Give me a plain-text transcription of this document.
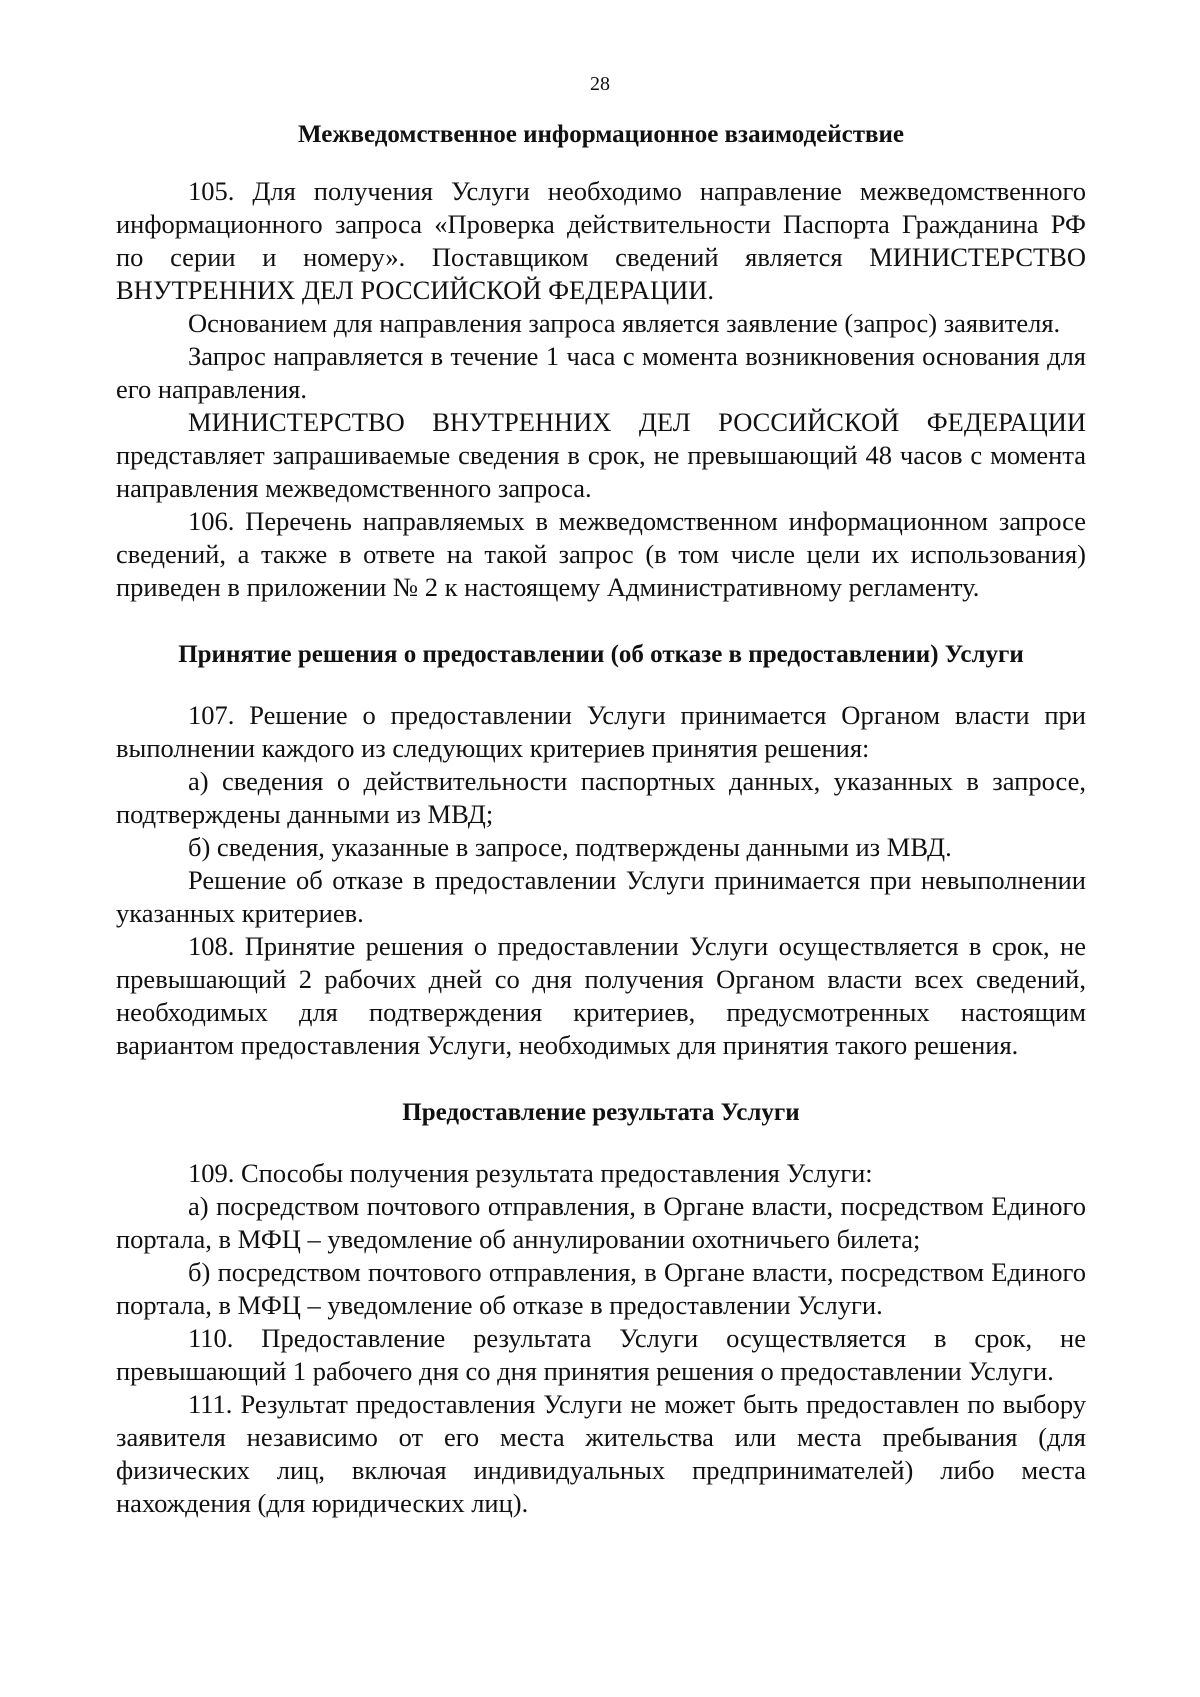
28
Межведомственное информационное взаимодействие

105. Для получения Услуги необходимо направление межведомственного информационного запроса «Проверка действительности Паспорта Гражданина РФ по серии и номеру». Поставщиком сведений является МИНИСТЕРСТВО ВНУТРЕННИХ ДЕЛ РОССИЙСКОЙ ФЕДЕРАЦИИ.

Основанием для направления запроса является заявление (запрос) заявителя.

Запрос направляется в течение 1 часа с момента возникновения основания для его направления.

МИНИСТЕРСТВО ВНУТРЕННИХ ДЕЛ РОССИЙСКОЙ ФЕДЕРАЦИИ представляет запрашиваемые сведения в срок, не превышающий 48 часов с момента направления межведомственного запроса.

106. Перечень направляемых в межведомственном информационном запросе сведений, а также в ответе на такой запрос (в том числе цели их использования) приведен в приложении № 2 к настоящему Административному регламенту.

Принятие решения о предоставлении (об отказе в предоставлении) Услуги

107. Решение о предоставлении Услуги принимается Органом власти при выполнении каждого из следующих критериев принятия решения:

а) сведения о действительности паспортных данных, указанных в запросе, подтверждены данными из МВД;

б) сведения, указанные в запросе, подтверждены данными из МВД.

Решение об отказе в предоставлении Услуги принимается при невыполнении указанных критериев.

108. Принятие решения о предоставлении Услуги осуществляется в срок, не превышающий 2 рабочих дней со дня получения Органом власти всех сведений, необходимых для подтверждения критериев, предусмотренных настоящим вариантом предоставления Услуги, необходимых для принятия такого решения.

Предоставление результата Услуги

109. Способы получения результата предоставления Услуги:

а) посредством почтового отправления, в Органе власти, посредством Единого портала, в МФЦ – уведомление об аннулировании охотничьего билета;

б) посредством почтового отправления, в Органе власти, посредством Единого портала, в МФЦ – уведомление об отказе в предоставлении Услуги.

110. Предоставление результата Услуги осуществляется в срок, не превышающий 1 рабочего дня со дня принятия решения о предоставлении Услуги.

111. Результат предоставления Услуги не может быть предоставлен по выбору заявителя независимо от его места жительства или места пребывания (для физических лиц, включая индивидуальных предпринимателей) либо места нахождения (для юридических лиц).
